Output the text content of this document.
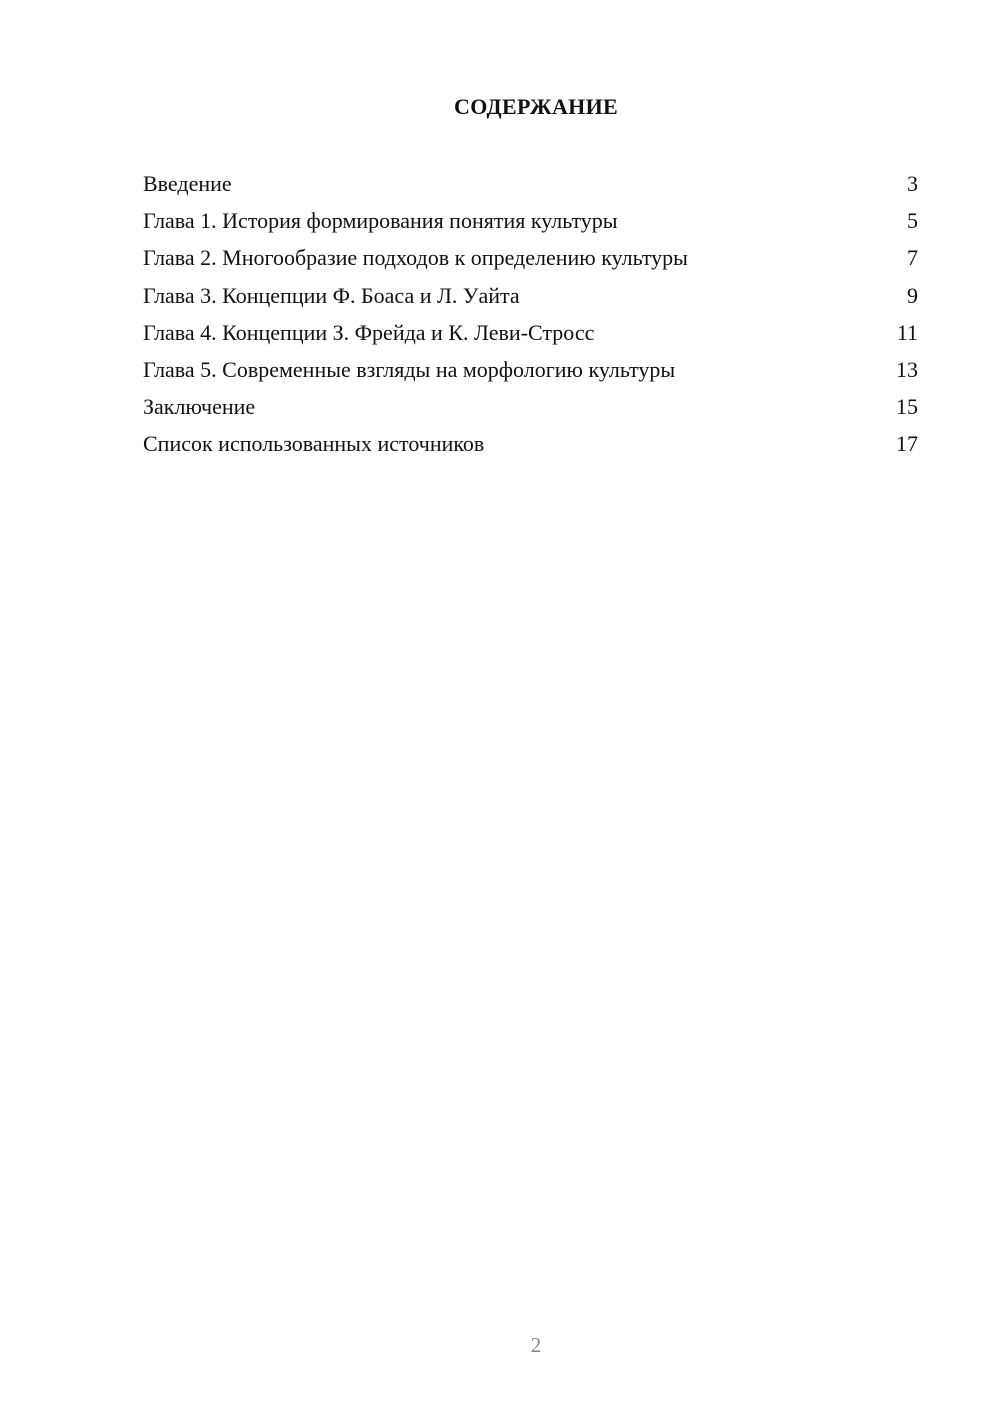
СОДЕРЖАНИЕ
Введение	3
Глава 1. История формирования понятия культуры	5
Глава 2. Многообразие подходов к определению культуры	7
Глава 3. Концепции Ф. Боаса и Л. Уайта	9
Глава 4. Концепции З. Фрейда и К. Леви-Стросс	11
Глава 5. Современные взгляды на морфологию культуры	13
Заключение	15
Список использованных источников	17
2
